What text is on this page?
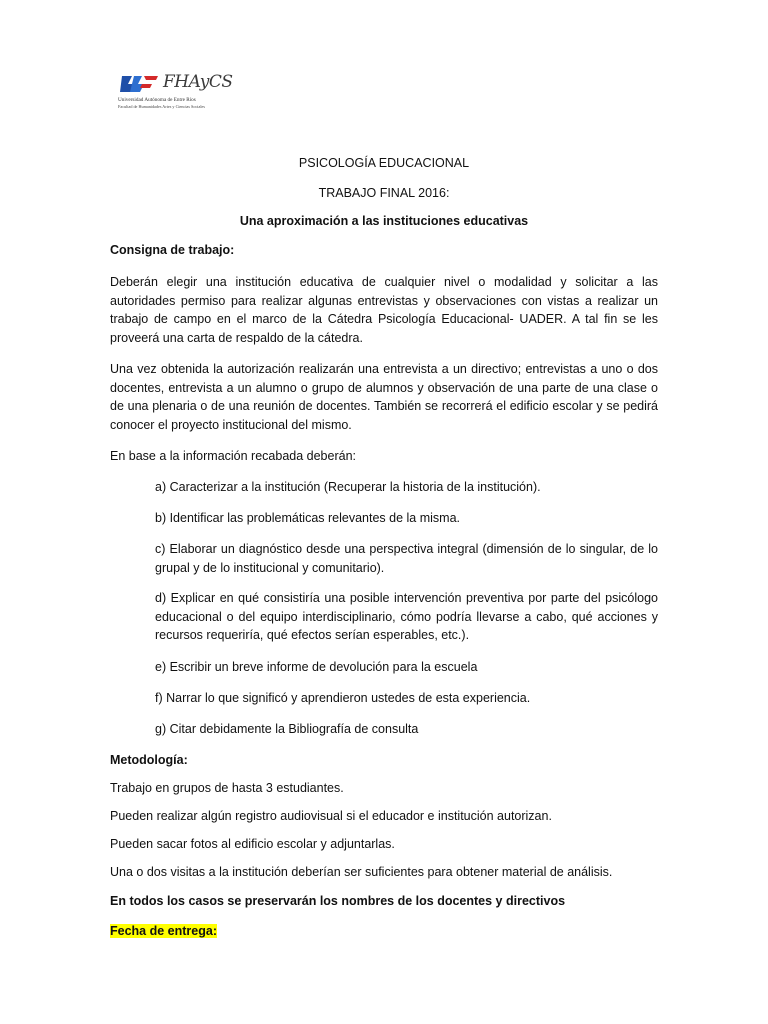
FHAyCS
Universidad Autónoma de Entre Ríos
Facultad de Humanidades Artes y Ciencias Sociales
PSICOLOGÍA EDUCACIONAL
TRABAJO FINAL 2016:
Una aproximación a las instituciones educativas
Consigna de trabajo:
Deberán elegir una institución educativa de cualquier nivel o modalidad y solicitar a las autoridades permiso para realizar algunas entrevistas y observaciones con vistas a realizar un trabajo de campo en el marco de la Cátedra Psicología Educacional- UADER. A tal fin se les proveerá una carta de respaldo de la cátedra.
Una vez obtenida la autorización realizarán una entrevista a un directivo; entrevistas a uno o dos docentes, entrevista a un alumno o grupo de alumnos y observación de una parte de una clase o de una plenaria o de una reunión de docentes. También se recorrerá el edificio escolar y se pedirá conocer el proyecto institucional del mismo.
En base a la información recabada deberán:
a) Caracterizar a la institución (Recuperar la historia de la institución).
b) Identificar las problemáticas relevantes de la misma.
c) Elaborar un diagnóstico desde una perspectiva integral (dimensión de lo singular, de lo grupal y de lo institucional y comunitario).
d) Explicar en qué consistiría una posible intervención preventiva por parte del psicólogo educacional o del equipo interdisciplinario, cómo podría llevarse a cabo, qué acciones y recursos requeriría, qué efectos serían esperables, etc.).
e) Escribir un breve informe de devolución para la escuela
f) Narrar lo que significó y aprendieron ustedes de esta experiencia.
g) Citar debidamente la Bibliografía de consulta
Metodología:
Trabajo en grupos de hasta 3 estudiantes.
Pueden realizar algún registro audiovisual si el educador e institución autorizan.
Pueden sacar fotos al edificio escolar y adjuntarlas.
Una o dos visitas a la institución deberían ser suficientes para obtener material de análisis.
En todos los casos se preservarán los nombres de los docentes y directivos
Fecha de entrega:
